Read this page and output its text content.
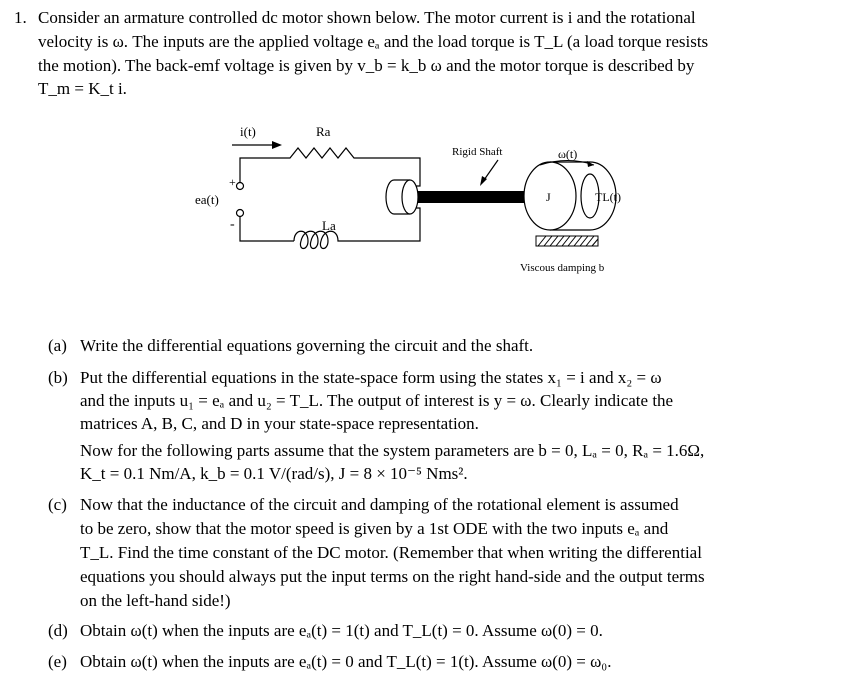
1. Consider an armature controlled dc motor shown below. The motor current is i and the rotational
velocity is ω. The inputs are the applied voltage eₐ and the load torque is T_L (a load torque resists
the motion). The back-emf voltage is given by v_b = k_b ω and the motor torque is described by
T_m = K_t i.
i(t)	Ra
+
-
ea(t)
La
Rigid Shaft
J	TL(t)
ω(t)
Viscous damping b
(a) Write the differential equations governing the circuit and the shaft.
(b) Put the differential equations in the state-space form using the states x₁ = i and x₂ = ω
and the inputs u₁ = eₐ and u₂ = T_L. The output of interest is y = ω. Clearly indicate the
matrices A, B, C, and D in your state-space representation.
Now for the following parts assume that the system parameters are b = 0, Lₐ = 0, Rₐ = 1.6Ω,
K_t = 0.1 Nm/A, k_b = 0.1 V/(rad/s), J = 8 × 10⁻⁵ Nms².
(c) Now that the inductance of the circuit and damping of the rotational element is assumed
to be zero, show that the motor speed is given by a 1st ODE with the two inputs eₐ and
T_L. Find the time constant of the DC motor. (Remember that when writing the differential
equations you should always put the input terms on the right hand-side and the output terms
on the left-hand side!)
(d) Obtain ω(t) when the inputs are eₐ(t) = 1(t) and T_L(t) = 0. Assume ω(0) = 0.
(e) Obtain ω(t) when the inputs are eₐ(t) = 0 and T_L(t) = 1(t). Assume ω(0) = ω₀.
